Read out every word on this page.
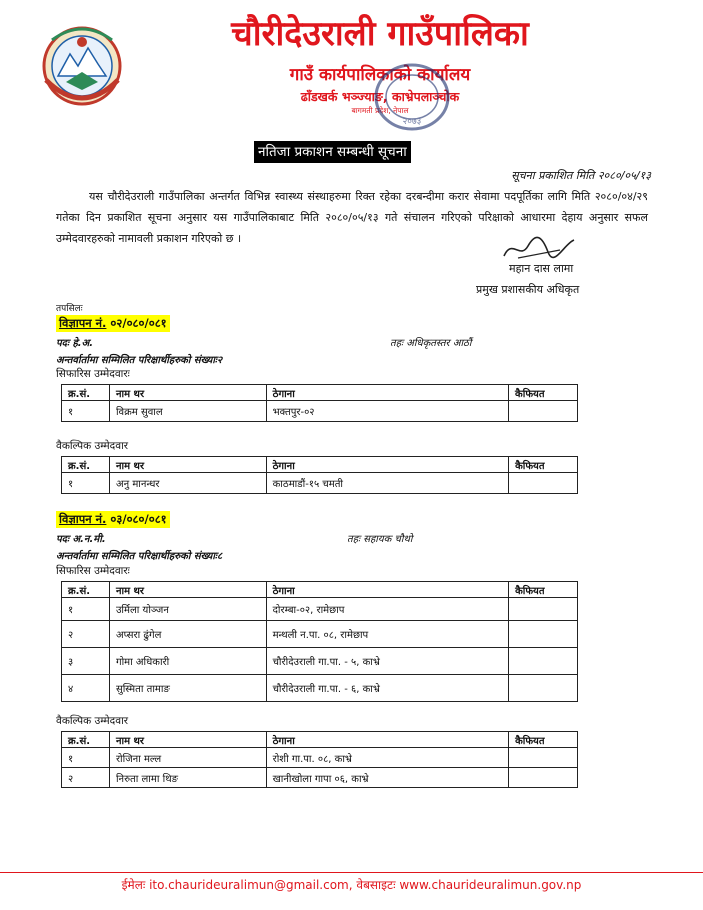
चौरीदेउराली गाउँपालिका
गाउँ कार्यपालिकाको कार्यालय
ढाँडखर्क भञ्ज्याङ, काभ्रेपलाञ्चोक
बागमती प्रदेश, नेपाल
२०७३
नतिजा प्रकाशन सम्बन्धी सूचना
सूचना प्रकाशित मिति २०८०/०५/१३
   यस चौरीदेउराली गाउँपालिका अन्तर्गत विभिन्न स्वास्थ्य संस्थाहरुमा रिक्त रहेका दरबन्दीमा करार सेवामा पदपूर्तिका लागि मिति २०८०/०४/२९ गतेका दिन प्रकाशित सूचना अनुसार यस गाउँपालिकाबाट मिति २०८०/०५/१३ गते संचालन गरिएको परिक्षाको आधारमा देहाय अनुसार सफल उम्मेदवारहरुको नामावली प्रकाशन गरिएको छ ।
महान दास लामा
प्रमुख प्रशासकीय अधिकृत
तपसिलः
विज्ञापन नं. ०२/०८०/०८१
पदः हे.अ.	तहः अधिकृतस्तर आठौं
अन्तर्वार्तामा सम्मिलित परिक्षार्थीहरुको संख्याः२
सिफारिस उम्मेदवारः
क्र.सं.	नाम थर	ठेगाना	कैफियत
१	विक्रम सुवाल	भक्तपुर-०२	
वैकल्पिक उम्मेदवार
क्र.सं.	नाम थर	ठेगाना	कैफियत
१	अनु मानन्धर	काठमाडौं-१५ चमती	
विज्ञापन नं. ०३/०८०/०८१
पदः अ.न.मी.	तहः सहायक चौथो
अन्तर्वार्तामा सम्मिलित परिक्षार्थीहरुको संख्याः८
सिफारिस उम्मेदवारः
क्र.सं.	नाम थर	ठेगाना	कैफियत
१	उर्मिला योञ्जन	दोरम्बा-०२, रामेछाप	
२	अप्सरा ढुंगेल	मन्थली न.पा. ०८, रामेछाप	
३	गोमा अधिकारी	चौरीदेउराली गा.पा. - ५, काभ्रे	
४	सुस्मिता तामाङ	चौरीदेउराली गा.पा. - ६, काभ्रे	
वैकल्पिक उम्मेदवार
क्र.सं.	नाम थर	ठेगाना	कैफियत
१	रोजिना मल्ल	रोशी गा.पा. ०८, काभ्रे	
२	निरुता लामा थिङ	खानीखोला गापा ०६, काभ्रे	
ईमेलः ito.chaurideuralimun@gmail.com, वेबसाइटः www.chaurideuralimun.gov.np
